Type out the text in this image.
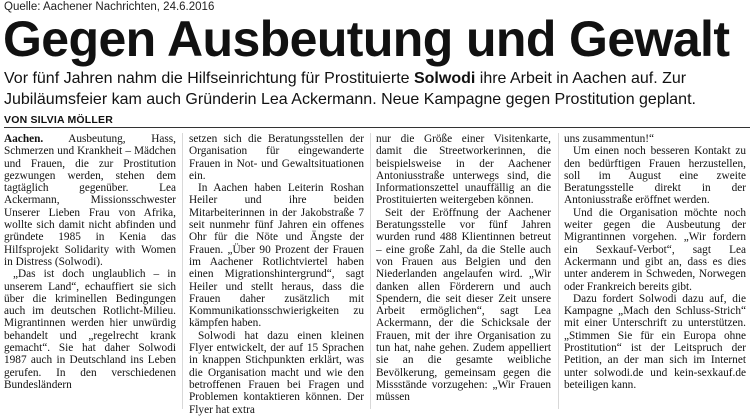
Quelle: Aachener Nachrichten, 24.6.2016
Gegen Ausbeutung und Gewalt

Vor fünf Jahren nahm die Hilfseinrichtung für Prostituierte Solwodi ihre Arbeit in Aachen auf. Zur Jubiläumsfeier kam auch Gründerin Lea Ackermann. Neue Kampagne gegen Prostitution geplant.

VON SILVIA MÖLLER

Aachen. Ausbeutung, Hass, Schmerzen und Krankheit – Mädchen und Frauen, die zur Prostitution gezwungen werden, stehen dem tagtäglich gegenüber. Lea Ackermann, Missionsschwester Unserer Lieben Frau von Afrika, wollte sich damit nicht abfinden und gründete 1985 in Kenia das Hilfsprojekt Solidarity with Women in Distress (Solwodi).

„Das ist doch unglaublich – in unserem Land“, echauffiert sie sich über die kriminellen Bedingungen auch im deutschen Rotlicht-Milieu. Migrantinnen werden hier unwürdig behandelt und „regelrecht krank gemacht“. Sie hat daher Solwodi 1987 auch in Deutschland ins Leben gerufen. In den verschiedenen Bundesländern

setzen sich die Beratungsstellen der Organisation für eingewanderte Frauen in Not- und Gewaltsituationen ein.

In Aachen haben Leiterin Roshan Heiler und ihre beiden Mitarbeiterinnen in der Jakobstraße 7 seit nunmehr fünf Jahren ein offenes Ohr für die Nöte und Ängste der Frauen. „Über 90 Prozent der Frauen im Aachener Rotlichtviertel haben einen Migrationshintergrund“, sagt Heiler und stellt heraus, dass die Frauen daher zusätzlich mit Kommunikationsschwierigkeiten zu kämpfen haben.

Solwodi hat dazu einen kleinen Flyer entwickelt, der auf 15 Sprachen in knappen Stichpunkten erklärt, was die Organisation macht und wie den betroffenen Frauen bei Fragen und Problemen kontaktieren können. Der Flyer hat extra

nur die Größe einer Visitenkarte, damit die Streetworkerinnen, die beispielsweise in der Aachener Antoniusstraße unterwegs sind, die Informationszettel unauffällig an die Prostituierten weitergeben können.

Seit der Eröffnung der Aachener Beratungsstelle vor fünf Jahren wurden rund 488 Klientinnen betreut – eine große Zahl, da die Stelle auch von Frauen aus Belgien und den Niederlanden angelaufen wird. „Wir danken allen Förderern und auch Spendern, die seit dieser Zeit unsere Arbeit ermöglichen“, sagt Lea Ackermann, der die Schicksale der Frauen, mit der ihre Organisation zu tun hat, nahe gehen. Zudem appelliert sie an die gesamte weibliche Bevölkerung, gemeinsam gegen die Missstände vorzugehen: „Wir Frauen müssen

uns zusammentun!“

Um einen noch besseren Kontakt zu den bedürftigen Frauen herzustellen, soll im August eine zweite Beratungsstelle direkt in der Antoniusstraße eröffnet werden.

Und die Organisation möchte noch weiter gegen die Ausbeutung der Migrantinnen vorgehen. „Wir fordern ein Sexkauf-Verbot“, sagt Lea Ackermann und gibt an, dass es dies unter anderem in Schweden, Norwegen oder Frankreich bereits gibt.

Dazu fordert Solwodi dazu auf, die Kampagne „Mach den Schluss-Strich“ mit einer Unterschrift zu unterstützen. „Stimmen Sie für ein Europa ohne Prostitution“ ist der Leitspruch der Petition, an der man sich im Internet unter solwodi.de und kein-sexkauf.de beteiligen kann.
